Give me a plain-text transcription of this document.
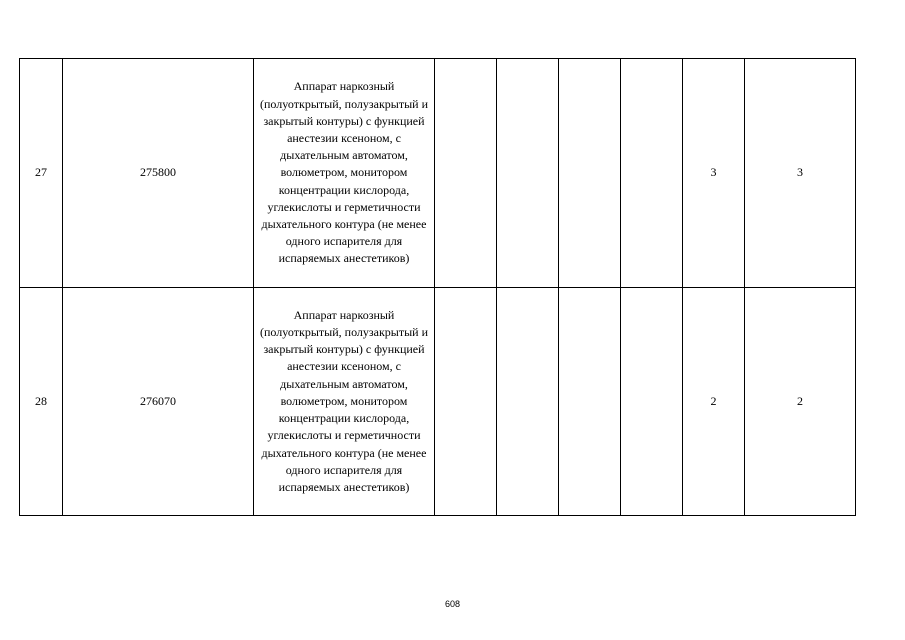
27	275800	Аппарат наркозный (полуоткрытый, полузакрытый и закрытый контуры) с функцией анестезии ксеноном, с дыхательным автоматом, волюметром, монитором концентрации кислорода, углекислоты и герметичности дыхательного контура (не менее одного испарителя для испаряемых анестетиков)					3	3
28	276070	Аппарат наркозный (полуоткрытый, полузакрытый и закрытый контуры) с функцией анестезии ксеноном, с дыхательным автоматом, волюметром, монитором концентрации кислорода, углекислоты и герметичности дыхательного контура (не менее одного испарителя для испаряемых анестетиков)					2	2
608
